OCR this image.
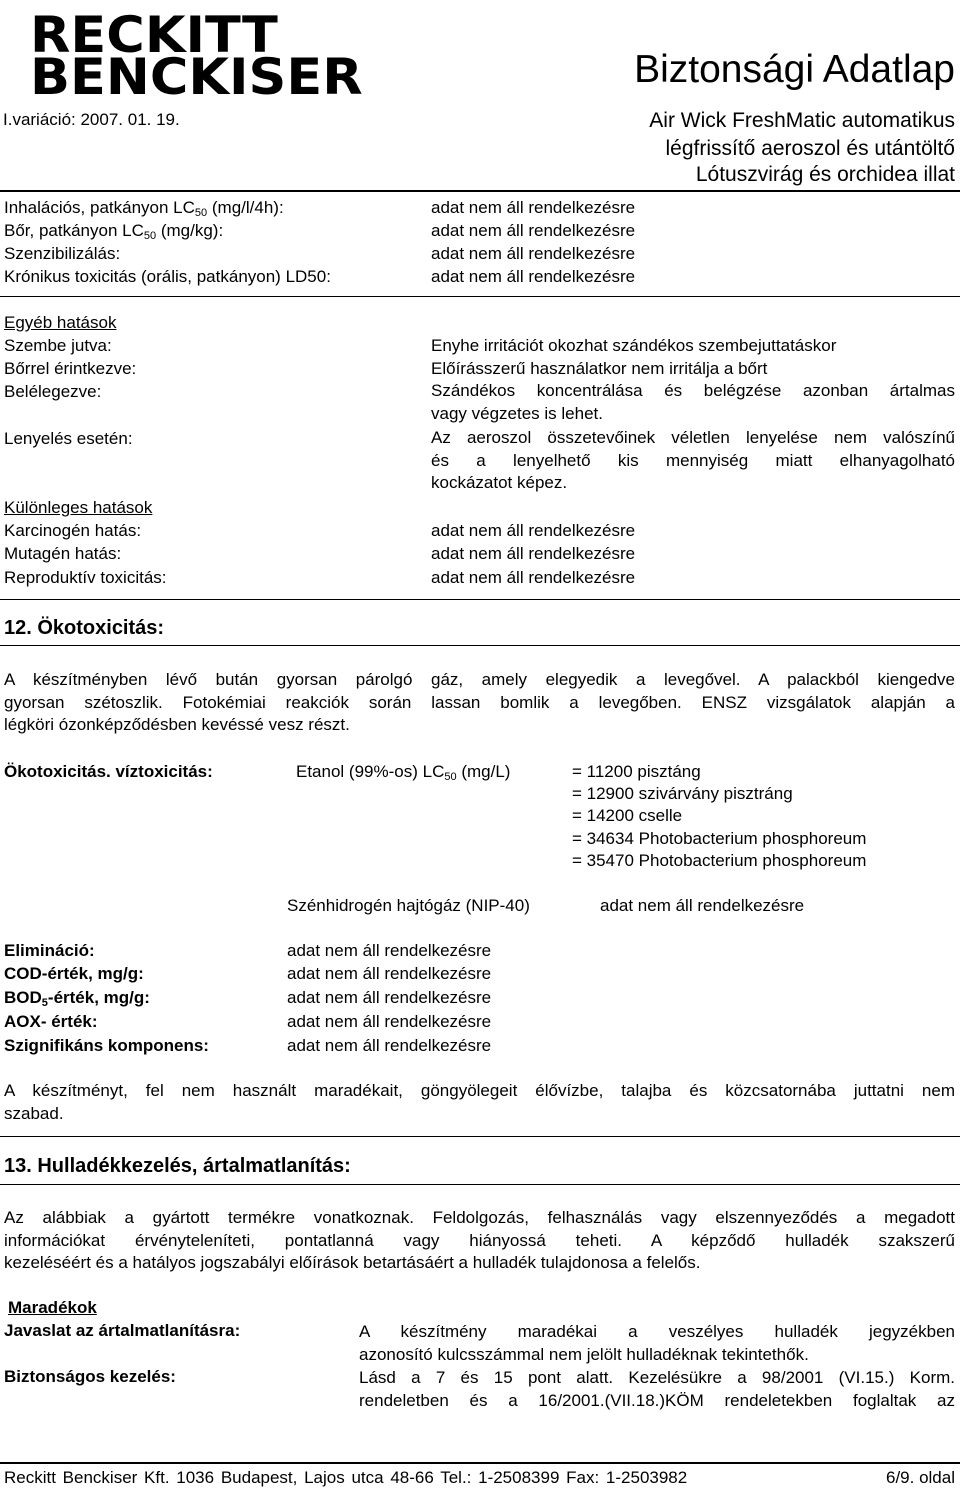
RECKITT
BENCKISER
I.variáció: 2007. 01. 19.
Biztonsági Adatlap
Air Wick FreshMatic automatikus
légfrissítő aeroszol és utántöltő
Lótuszvirág és orchidea illat
Inhalációs, patkányon $LC_{50}$ (mg/l/4h):	adat nem áll rendelkezésre
Bőr, patkányon $LC_{50}$ (mg/kg):	adat nem áll rendelkezésre
Szenzibilizálás:	adat nem áll rendelkezésre
Krónikus toxicitás (orális, patkányon) LD50:	adat nem áll rendelkezésre
Egyéb hatások
Szembe jutva:	Enyhe irritációt okozhat szándékos szembejuttatáskor
Bőrrel érintkezve:	Előírásszerű használatkor nem irritálja a bőrt
Belélegezve:	Szándékos koncentrálása és belégzése azonban ártalmas
vagy végzetes is lehet.
Lenyelés esetén:	Az aeroszol összetevőinek véletlen lenyelése nem valószínű
és a lenyelhető kis mennyiség miatt elhanyagolható
kockázatot képez.
Különleges hatások
Karcinogén hatás:	adat nem áll rendelkezésre
Mutagén hatás:	adat nem áll rendelkezésre
Reproduktív toxicitás:	adat nem áll rendelkezésre
12. Ökotoxicitás:
A készítményben lévő bután gyorsan párolgó gáz, amely elegyedik a levegővel. A palackból kiengedve
gyorsan szétoszlik. Fotokémiai reakciók során lassan bomlik a levegőben. ENSZ vizsgálatok alapján a
légköri ózonképződésben kevéssé vesz részt.
Ökotoxicitás. víztoxicitás:	Etanol (99%-os) $LC_{50}$ (mg/L)	= 11200 pisztáng
= 12900 szivárvány pisztráng
= 14200 cselle
= 34634 Photobacterium phosphoreum
= 35470 Photobacterium phosphoreum
Szénhidrogén hajtógáz (NIP-40)	adat nem áll rendelkezésre
Elimináció:	adat nem áll rendelkezésre
COD-érték, mg/g:	adat nem áll rendelkezésre
$BOD_5$-érték, mg/g:	adat nem áll rendelkezésre
AOX- érték:	adat nem áll rendelkezésre
Szignifikáns komponens:	adat nem áll rendelkezésre
A készítményt, fel nem használt maradékait, göngyölegeit élővízbe, talajba és közcsatornába juttatni nem
szabad.
13. Hulladékkezelés, ártalmatlanítás:
Az alábbiak a gyártott termékre vonatkoznak. Feldolgozás, felhasználás vagy elszennyeződés a megadott
információkat érvényteleníteti, pontatlanná vagy hiányossá teheti. A képződő hulladék szakszerű
kezeléséért és a hatályos jogszabályi előírások betartásáért a hulladék tulajdonosa a felelős.
Maradékok
Javaslat az ártalmatlanításra:	A készítmény maradékai a veszélyes hulladék jegyzékben
azonosító kulcsszámmal nem jelölt hulladéknak tekintethők.
Biztonságos kezelés:	Lásd a 7 és 15 pont alatt. Kezelésükre a 98/2001 (VI.15.) Korm.
rendeletben és a 16/2001.(VII.18.)KÖM rendeletekben foglaltak az
Reckitt Benckiser Kft. 1036 Budapest, Lajos utca 48-66 Tel.: 1-2508399 Fax: 1-2503982	6/9. oldal
